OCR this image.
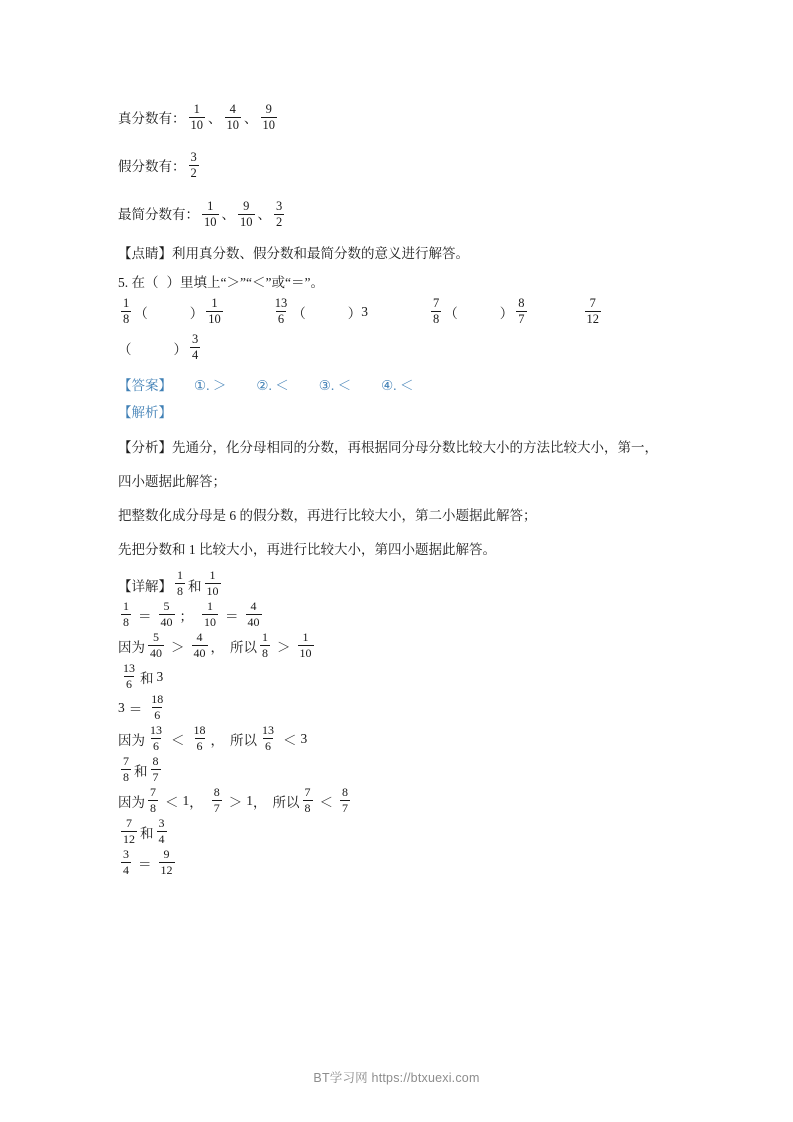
真分数有： $\frac{1}{10}$ 、 $\frac{4}{10}$ 、 $\frac{9}{10}$
假分数有： $\frac{3}{2}$
最简分数有： $\frac{1}{10}$ 、 $\frac{9}{10}$ 、 $\frac{3}{2}$
【点睛】利用真分数、假分数和最简分数的意义进行解答。
5. 在（ ）里填上“＞”“＜”或“＝”。
$\frac{1}{8}$ （	） $\frac{1}{10}$	$\frac{13}{6}$ （	） 3	$\frac{7}{8}$ （	） $\frac{8}{7}$	$\frac{7}{12}$
（	） $\frac{3}{4}$
【答案】 ①. ＞ ②. ＜ ③. ＜ ④. ＜
【解析】
【分析】先通分，化分母相同的分数，再根据同分母分数比较大小的方法比较大小，第一，
四小题据此解答；
把整数化成分母是 6 的假分数，再进行比较大小，第二小题据此解答；
先把分数和 1 比较大小，再进行比较大小，第四小题据此解答。
【详解】 $\frac{1}{8}$ 和 $\frac{1}{10}$
$\frac{1}{8} = \frac{5}{40}$ ； $\frac{1}{10} = \frac{4}{40}$
因为 $\frac{5}{40} > \frac{4}{40}$ ， 所以 $\frac{1}{8} > \frac{1}{10}$
$\frac{13}{6}$ 和 3
$3 = \frac{18}{6}$
因为 $\frac{13}{6} < \frac{18}{6}$ ， 所以 $\frac{13}{6} < 3$
$\frac{7}{8}$ 和 $\frac{8}{7}$
因为 $\frac{7}{8} < 1$ ， $\frac{8}{7} > 1$ ， 所以 $\frac{7}{8} < \frac{8}{7}$
$\frac{7}{12}$ 和 $\frac{3}{4}$
$\frac{3}{4} = \frac{9}{12}$
BT学习网 https://btxuexi.com
